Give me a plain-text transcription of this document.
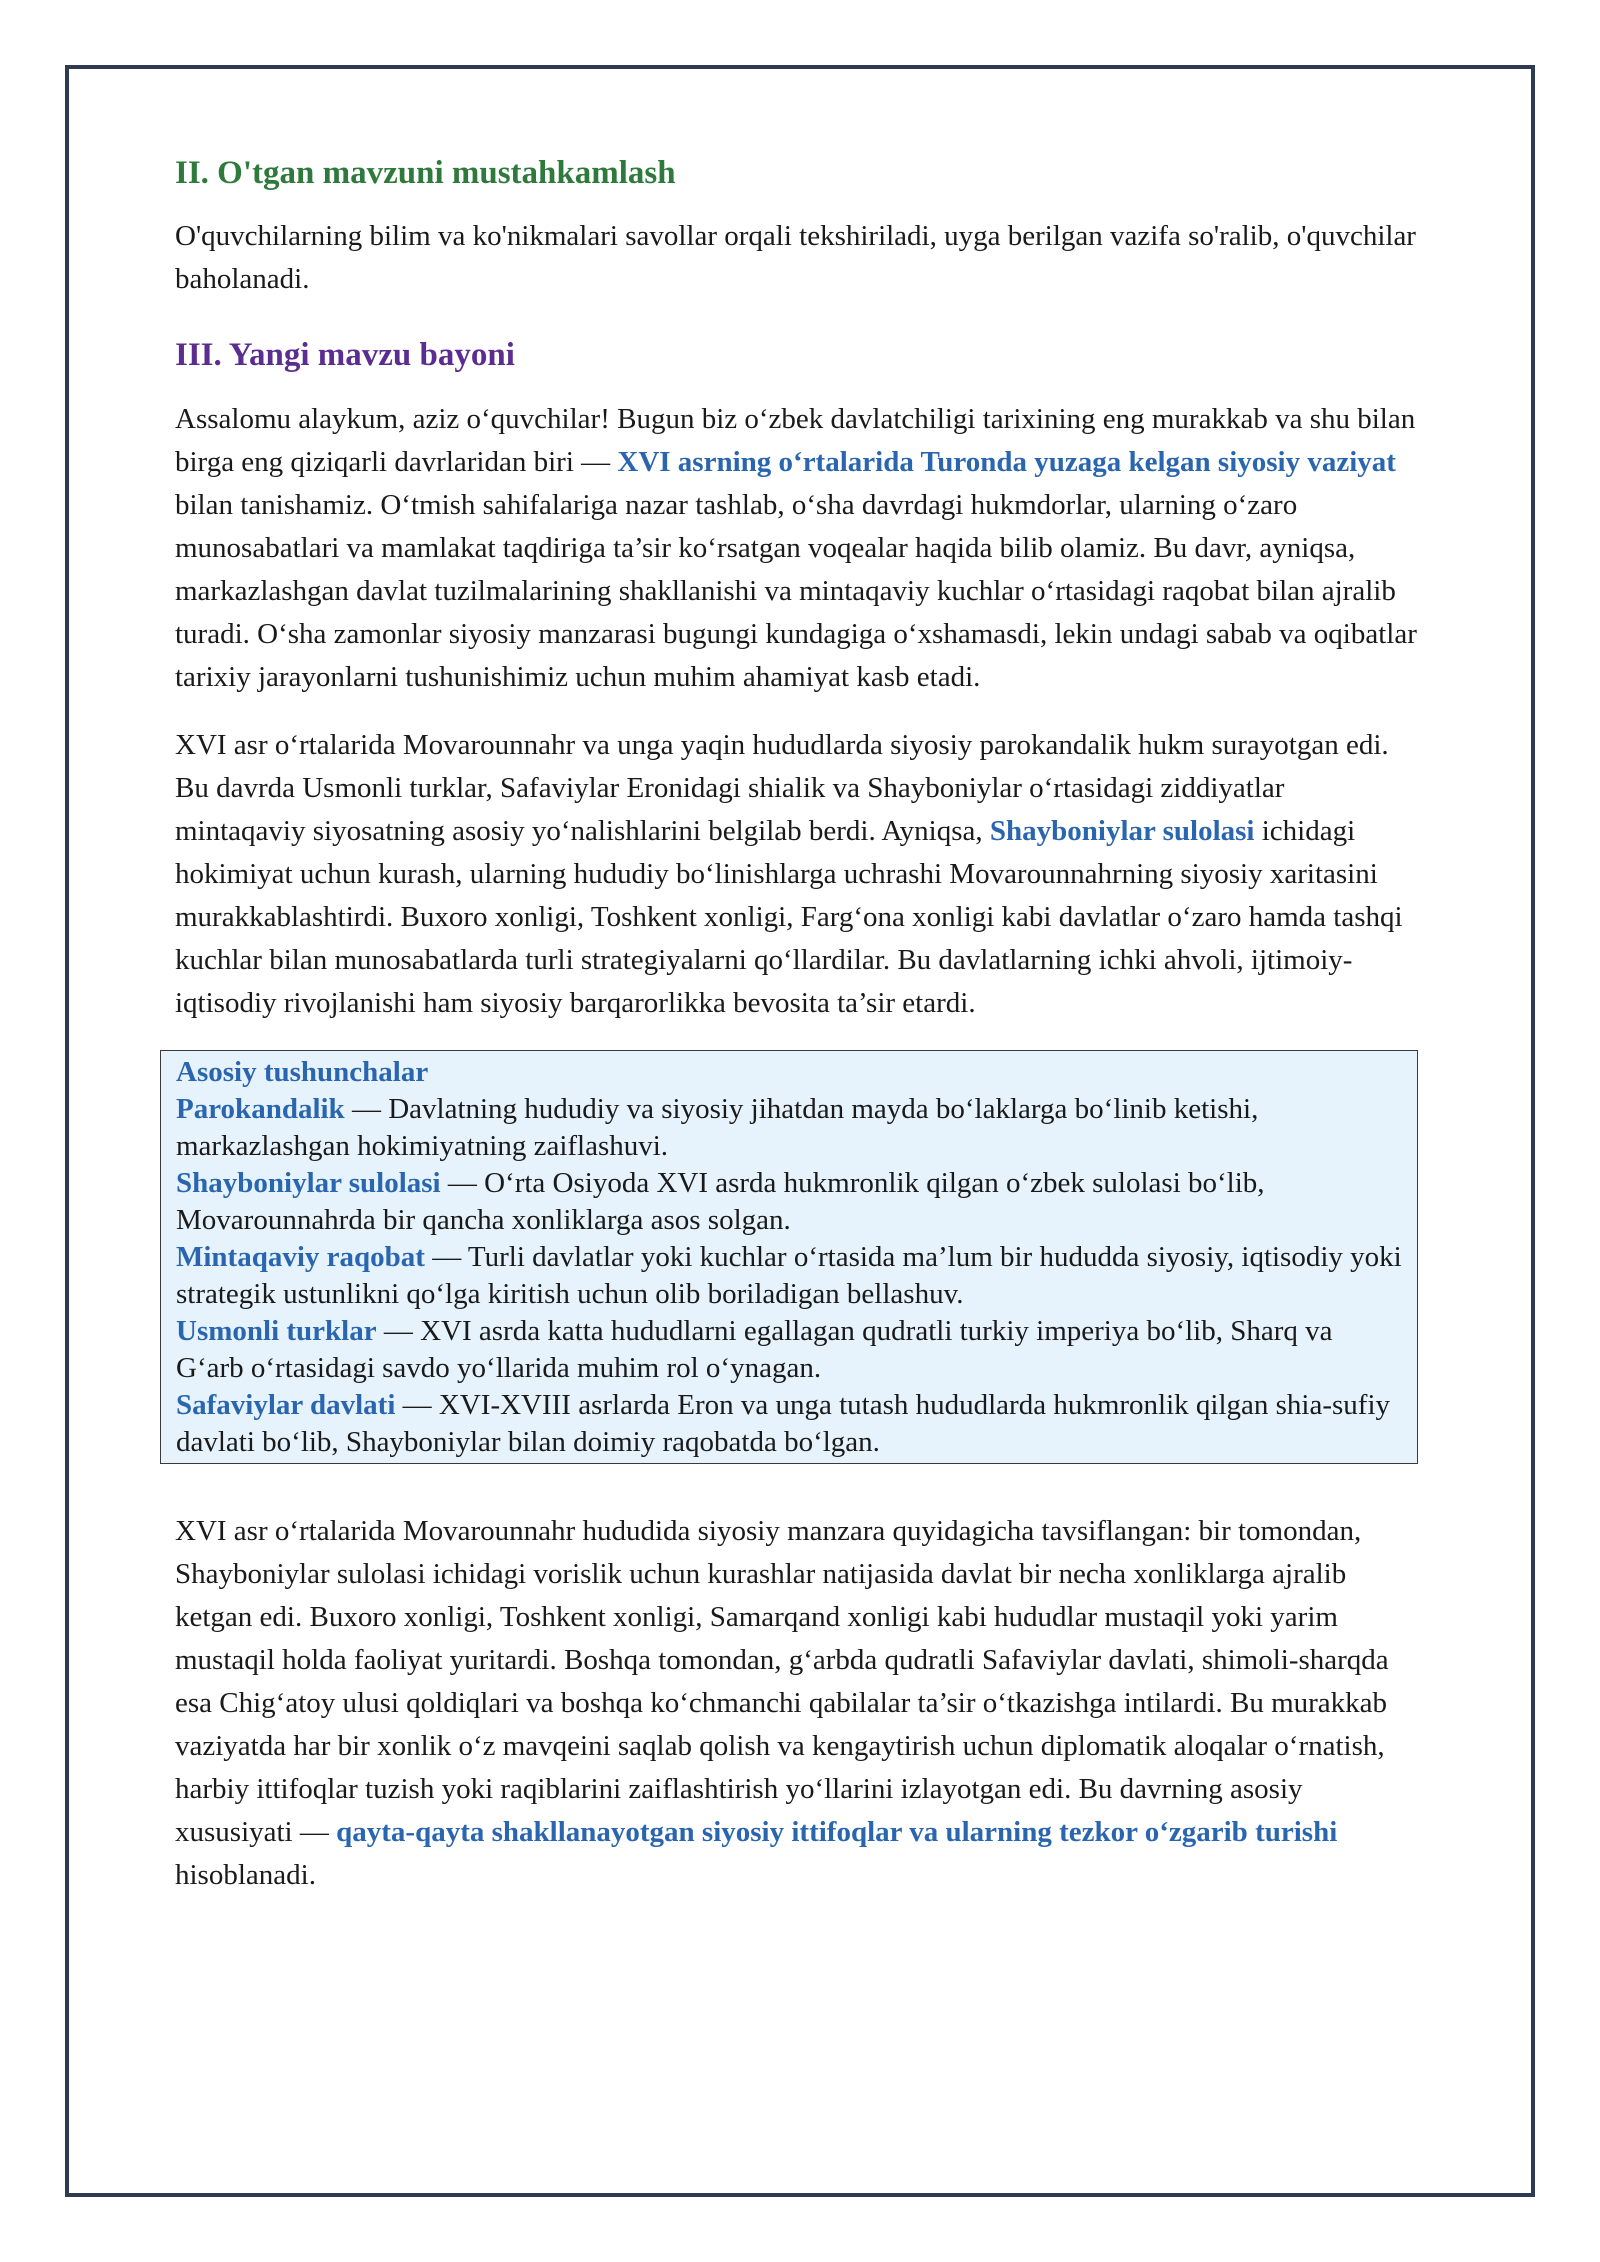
II. O'tgan mavzuni mustahkamlash

O'quvchilarning bilim va ko'nikmalari savollar orqali tekshiriladi, uyga berilgan vazifa so'ralib, o'quvchilar baholanadi.

III. Yangi mavzu bayoni

Assalomu alaykum, aziz o‘quvchilar! Bugun biz o‘zbek davlatchiligi tarixining eng murakkab va shu bilan birga eng qiziqarli davrlaridan biri — XVI asrning o‘rtalarida Turonda yuzaga kelgan siyosiy vaziyat bilan tanishamiz. O‘tmish sahifalariga nazar tashlab, o‘sha davrdagi hukmdorlar, ularning o‘zaro munosabatlari va mamlakat taqdiriga ta’sir ko‘rsatgan voqealar haqida bilib olamiz. Bu davr, ayniqsa, markazlashgan davlat tuzilmalarining shakllanishi va mintaqaviy kuchlar o‘rtasidagi raqobat bilan ajralib turadi. O‘sha zamonlar siyosiy manzarasi bugungi kundagiga o‘xshamasdi, lekin undagi sabab va oqibatlar tarixiy jarayonlarni tushunishimiz uchun muhim ahamiyat kasb etadi.

XVI asr o‘rtalarida Movarounnahr va unga yaqin hududlarda siyosiy parokandalik hukm surayotgan edi. Bu davrda Usmonli turklar, Safaviylar Eronidagi shialik va Shayboniylar o‘rtasidagi ziddiyatlar mintaqaviy siyosatning asosiy yo‘nalishlarini belgilab berdi. Ayniqsa, Shayboniylar sulolasi ichidagi hokimiyat uchun kurash, ularning hududiy bo‘linishlarga uchrashi Movarounnahrning siyosiy xaritasini murakkablashtirdi. Buxoro xonligi, Toshkent xonligi, Farg‘ona xonligi kabi davlatlar o‘zaro hamda tashqi kuchlar bilan munosabatlarda turli strategiyalarni qo‘llardilar. Bu davlatlarning ichki ahvoli, ijtimoiy-iqtisodiy rivojlanishi ham siyosiy barqarorlikka bevosita ta’sir etardi.

Asosiy tushunchalar
Parokandalik — Davlatning hududiy va siyosiy jihatdan mayda bo‘laklarga bo‘linib ketishi, markazlashgan hokimiyatning zaiflashuvi.
Shayboniylar sulolasi — O‘rta Osiyoda XVI asrda hukmronlik qilgan o‘zbek sulolasi bo‘lib, Movarounnahrda bir qancha xonliklarga asos solgan.
Mintaqaviy raqobat — Turli davlatlar yoki kuchlar o‘rtasida ma’lum bir hududda siyosiy, iqtisodiy yoki strategik ustunlikni qo‘lga kiritish uchun olib boriladigan bellashuv.
Usmonli turklar — XVI asrda katta hududlarni egallagan qudratli turkiy imperiya bo‘lib, Sharq va G‘arb o‘rtasidagi savdo yo‘llarida muhim rol o‘ynagan.
Safaviylar davlati — XVI-XVIII asrlarda Eron va unga tutash hududlarda hukmronlik qilgan shia-sufiy davlati bo‘lib, Shayboniylar bilan doimiy raqobatda bo‘lgan.

XVI asr o‘rtalarida Movarounnahr hududida siyosiy manzara quyidagicha tavsiflangan: bir tomondan, Shayboniylar sulolasi ichidagi vorislik uchun kurashlar natijasida davlat bir necha xonliklarga ajralib ketgan edi. Buxoro xonligi, Toshkent xonligi, Samarqand xonligi kabi hududlar mustaqil yoki yarim mustaqil holda faoliyat yuritardi. Boshqa tomondan, g‘arbda qudratli Safaviylar davlati, shimoli-sharqda esa Chig‘atoy ulusi qoldiqlari va boshqa ko‘chmanchi qabilalar ta’sir o‘tkazishga intilardi. Bu murakkab vaziyatda har bir xonlik o‘z mavqeini saqlab qolish va kengaytirish uchun diplomatik aloqalar o‘rnatish, harbiy ittifoqlar tuzish yoki raqiblarini zaiflashtirish yo‘llarini izlayotgan edi. Bu davrning asosiy xususiyati — qayta-qayta shakllanayotgan siyosiy ittifoqlar va ularning tezkor o‘zgarib turishi hisoblanadi.
